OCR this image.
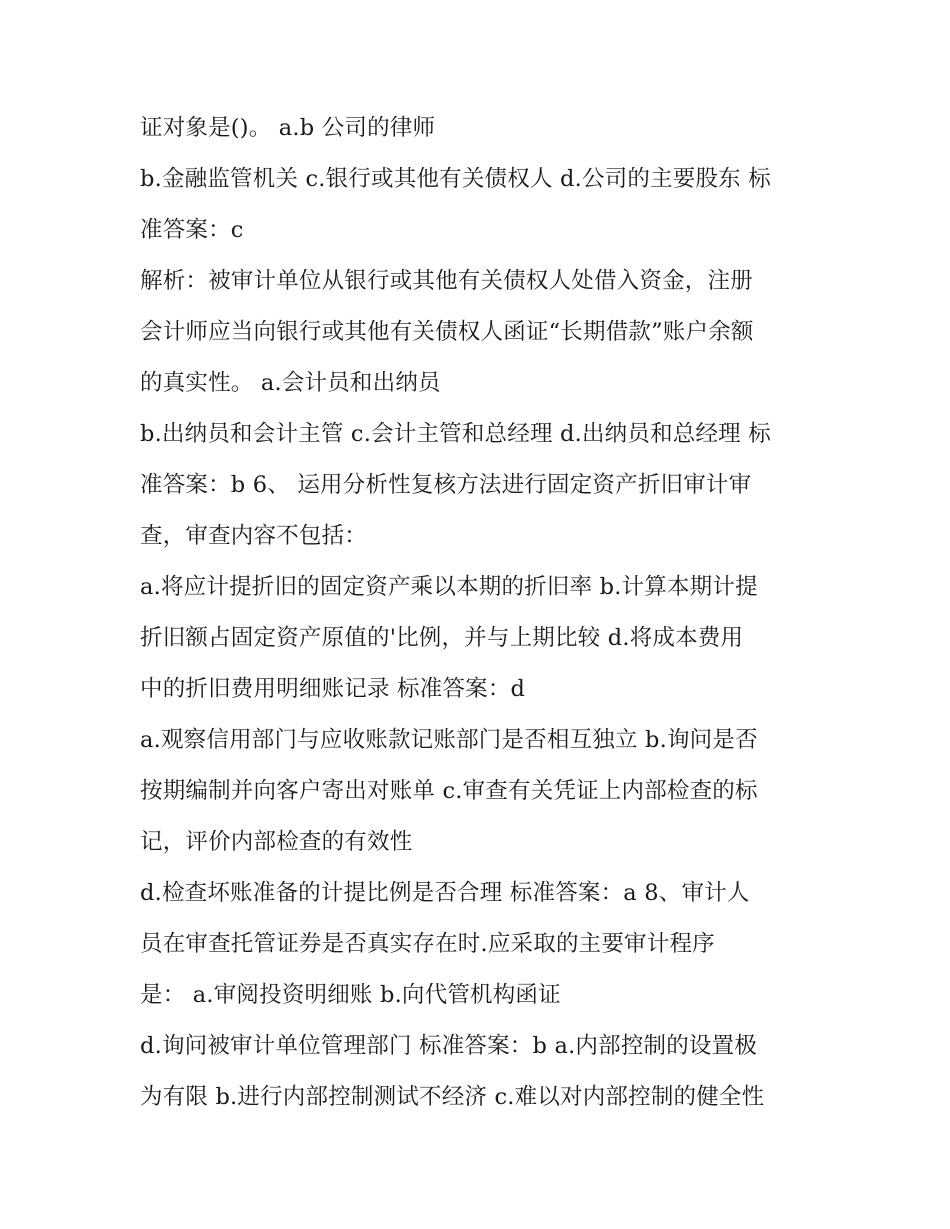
证对象是()。 a.b 公司的律师
b.金融监管机关 c.银行或其他有关债权人 d.公司的主要股东 标
准答案：c
解析：被审计单位从银行或其他有关债权人处借入资金，注册
会计师应当向银行或其他有关债权人函证“长期借款”账户余额
的真实性。 a.会计员和出纳员
b.出纳员和会计主管 c.会计主管和总经理 d.出纳员和总经理 标
准答案：b 6、 运用分析性复核方法进行固定资产折旧审计审
查，审查内容不包括：
a.将应计提折旧的固定资产乘以本期的折旧率 b.计算本期计提
折旧额占固定资产原值的'比例，并与上期比较 d.将成本费用
中的折旧费用明细账记录 标准答案：d
a.观察信用部门与应收账款记账部门是否相互独立 b.询问是否
按期编制并向客户寄出对账单 c.审查有关凭证上内部检查的标
记，评价内部检查的有效性
d.检查坏账准备的计提比例是否合理 标准答案：a 8、审计人
员在审查托管证券是否真实存在时.应采取的主要审计程序
是： a.审阅投资明细账 b.向代管机构函证
d.询问被审计单位管理部门 标准答案：b a.内部控制的设置极
为有限 b.进行内部控制测试不经济 c.难以对内部控制的健全性
